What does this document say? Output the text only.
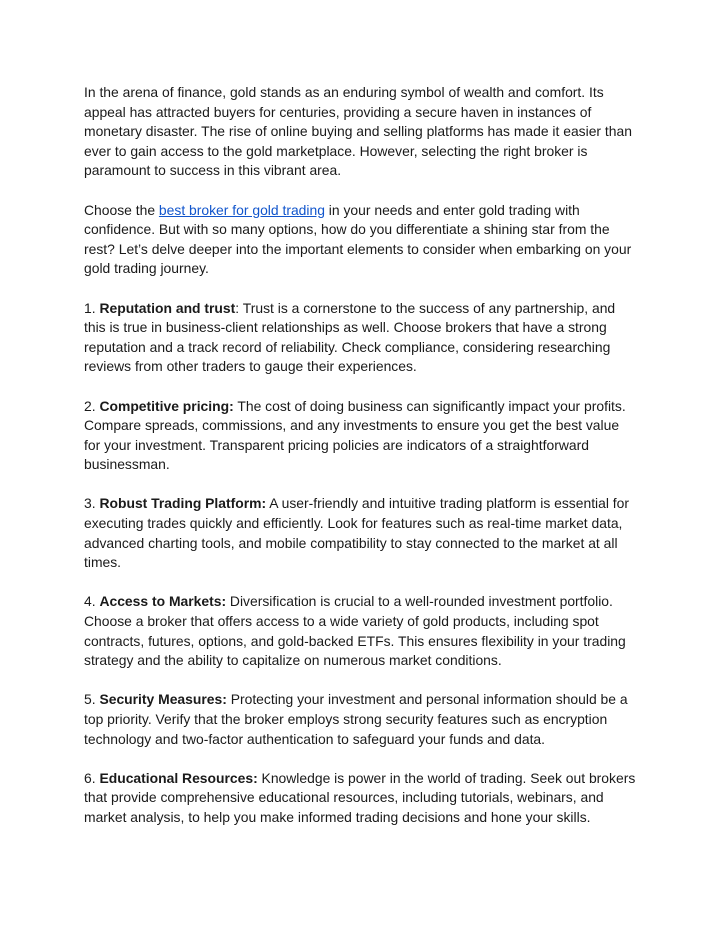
In the arena of finance, gold stands as an enduring symbol of wealth and comfort. Its appeal has attracted buyers for centuries, providing a secure haven in instances of monetary disaster. The rise of online buying and selling platforms has made it easier than ever to gain access to the gold marketplace. However, selecting the right broker is paramount to success in this vibrant area.

Choose the best broker for gold trading in your needs and enter gold trading with confidence. But with so many options, how do you differentiate a shining star from the rest? Let’s delve deeper into the important elements to consider when embarking on your gold trading journey.

1. Reputation and trust: Trust is a cornerstone to the success of any partnership, and this is true in business-client relationships as well. Choose brokers that have a strong reputation and a track record of reliability. Check compliance, considering researching reviews from other traders to gauge their experiences.

2. Competitive pricing: The cost of doing business can significantly impact your profits. Compare spreads, commissions, and any investments to ensure you get the best value for your investment. Transparent pricing policies are indicators of a straightforward businessman.

3. Robust Trading Platform: A user-friendly and intuitive trading platform is essential for executing trades quickly and efficiently. Look for features such as real-time market data, advanced charting tools, and mobile compatibility to stay connected to the market at all times.

4. Access to Markets: Diversification is crucial to a well-rounded investment portfolio. Choose a broker that offers access to a wide variety of gold products, including spot contracts, futures, options, and gold-backed ETFs. This ensures flexibility in your trading strategy and the ability to capitalize on numerous market conditions.

5. Security Measures: Protecting your investment and personal information should be a top priority. Verify that the broker employs strong security features such as encryption technology and two-factor authentication to safeguard your funds and data.

6. Educational Resources: Knowledge is power in the world of trading. Seek out brokers that provide comprehensive educational resources, including tutorials, webinars, and market analysis, to help you make informed trading decisions and hone your skills.
